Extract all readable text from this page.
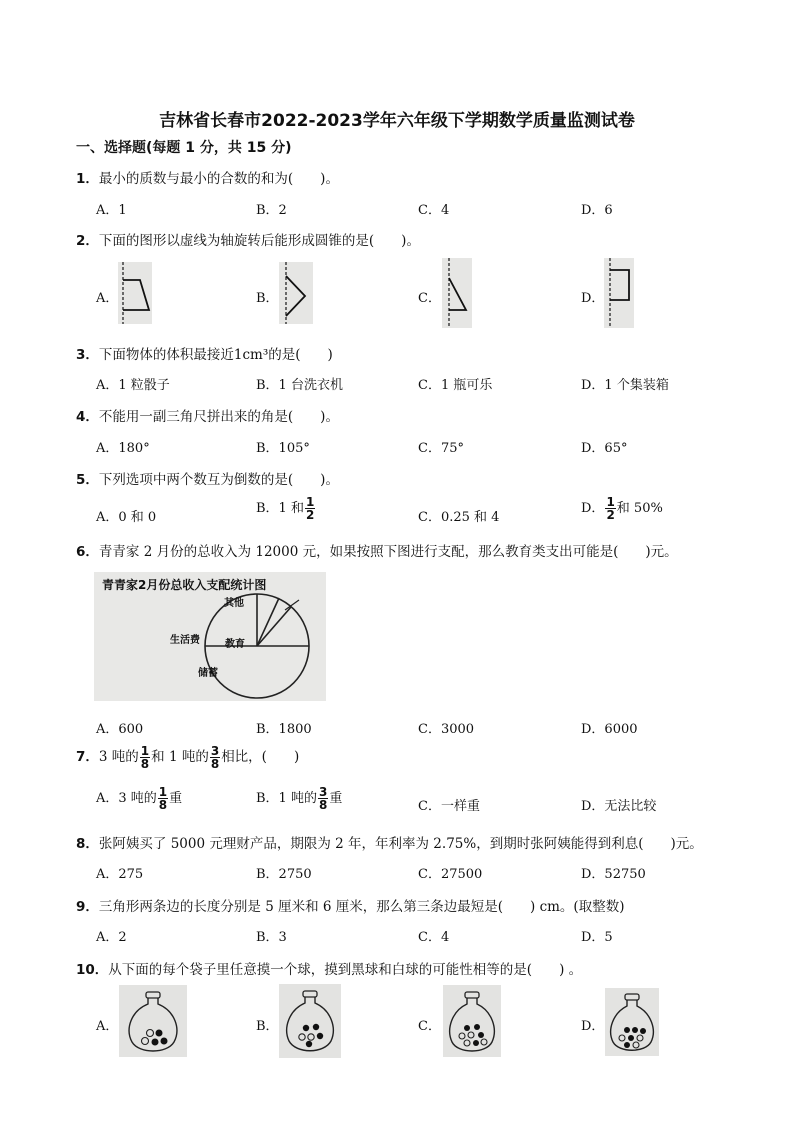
吉林省长春市2022-2023学年六年级下学期数学质量监测试卷
一、选择题(每题 1 分，共 15 分)
1．最小的质数与最小的合数的和为(　　)。
A．1	B．2	C．4	D．6
2．下面的图形以虚线为轴旋转后能形成圆锥的是(　　)。
A．	B．	C．	D．
3．下面物体的体积最接近1cm³的是(　　)
A．1 粒骰子	B．1 台洗衣机	C．1 瓶可乐	D．1 个集装箱
4．不能用一副三角尺拼出来的角是(　　)。
A．180°	B．105°	C．75°	D．65°
5．下列选项中两个数互为倒数的是(　　)。
A．0 和 0
B．1 和 $\frac{1}{2}$	C．0.25 和 4
D． $\frac{1}{2}$ 和 50%
6．青青家 2 月份的总收入为 12000 元，如果按照下图进行支配，那么教育类支出可能是(　　)元。
青青家2月份总收入支配统计图
其他
生活费	教育
储蓄
A．600	B．1800	C．3000	D．6000
7．3 吨的 $\frac{1}{8}$ 和 1 吨的 $\frac{3}{8}$ 相比，(　　)
A．3 吨的 $\frac{1}{8}$ 重	B．1 吨的 $\frac{3}{8}$ 重
C．一样重	D．无法比较
8．张阿姨买了 5000 元理财产品，期限为 2 年，年利率为 2.75%，到期时张阿姨能得到利息(　　)元。
A．275	B．2750	C．27500	D．52750
9．三角形两条边的长度分别是 5 厘米和 6 厘米，那么第三条边最短是(　　) cm。(取整数)
A．2	B．3	C．4	D．5
10．从下面的每个袋子里任意摸一个球，摸到黑球和白球的可能性相等的是(　　) 。
A．	B．	C．	D．
